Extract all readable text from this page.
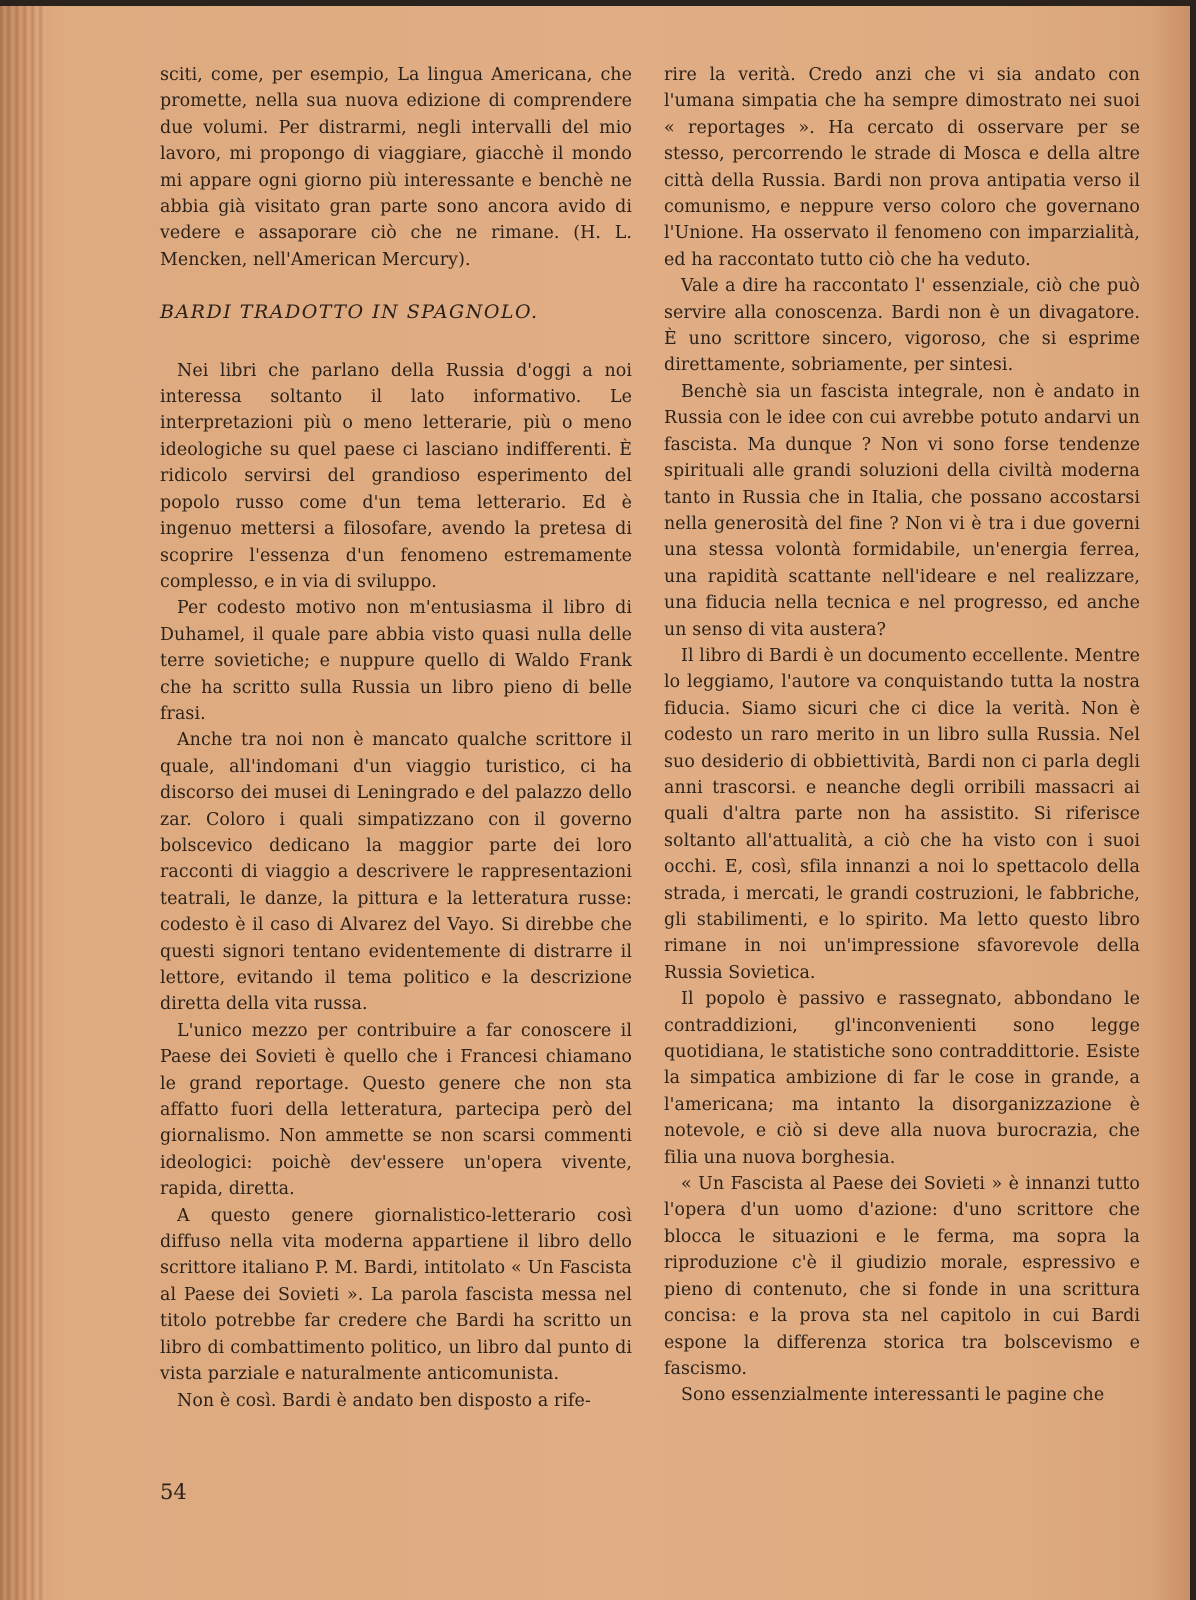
sciti, come, per esempio, La lingua Americana, che promette, nella sua nuova edizione di comprendere due volumi. Per distrarmi, negli intervalli del mio lavoro, mi propongo di viaggiare, giacchè il mondo mi appare ogni giorno più interessante e benchè ne abbia già visitato gran parte sono ancora avido di vedere e assaporare ciò che ne rimane. (H. L. Mencken, nell'American Mercury).

BARDI TRADOTTO IN SPAGNOLO.

Nei libri che parlano della Russia d'oggi a noi interessa soltanto il lato informativo. Le interpretazioni più o meno letterarie, più o meno ideologiche su quel paese ci lasciano indifferenti. È ridicolo servirsi del grandioso esperimento del popolo russo come d'un tema letterario. Ed è ingenuo mettersi a filosofare, avendo la pretesa di scoprire l'essenza d'un fenomeno estremamente complesso, e in via di sviluppo.

Per codesto motivo non m'entusiasma il libro di Duhamel, il quale pare abbia visto quasi nulla delle terre sovietiche; e nuppure quello di Waldo Frank che ha scritto sulla Russia un libro pieno di belle frasi.

Anche tra noi non è mancato qualche scrittore il quale, all'indomani d'un viaggio turistico, ci ha discorso dei musei di Leningrado e del palazzo dello zar. Coloro i quali simpatizzano con il governo bolscevico dedicano la maggior parte dei loro racconti di viaggio a descrivere le rappresentazioni teatrali, le danze, la pittura e la letteratura russe: codesto è il caso di Alvarez del Vayo. Si direbbe che questi signori tentano evidentemente di distrarre il lettore, evitando il tema politico e la descrizione diretta della vita russa.

L'unico mezzo per contribuire a far conoscere il Paese dei Sovieti è quello che i Francesi chiamano le grand reportage. Questo genere che non sta affatto fuori della letteratura, partecipa però del giornalismo. Non ammette se non scarsi commenti ideologici: poichè dev'essere un'opera vivente, rapida, diretta.

A questo genere giornalistico-letterario così diffuso nella vita moderna appartiene il libro dello scrittore italiano P. M. Bardi, intitolato « Un Fascista al Paese dei Sovieti ». La parola fascista messa nel titolo potrebbe far credere che Bardi ha scritto un libro di combattimento politico, un libro dal punto di vista parziale e naturalmente anticomunista.

Non è così. Bardi è andato ben disposto a rife-

rire la verità. Credo anzi che vi sia andato con l'umana simpatia che ha sempre dimostrato nei suoi « reportages ». Ha cercato di osservare per se stesso, percorrendo le strade di Mosca e della altre città della Russia. Bardi non prova antipatia verso il comunismo, e neppure verso coloro che governano l'Unione. Ha osservato il fenomeno con imparzialità, ed ha raccontato tutto ciò che ha veduto.

Vale a dire ha raccontato l' essenziale, ciò che può servire alla conoscenza. Bardi non è un divagatore. È uno scrittore sincero, vigoroso, che si esprime direttamente, sobriamente, per sintesi.

Benchè sia un fascista integrale, non è andato in Russia con le idee con cui avrebbe potuto andarvi un fascista. Ma dunque ? Non vi sono forse tendenze spirituali alle grandi soluzioni della civiltà moderna tanto in Russia che in Italia, che possano accostarsi nella generosità del fine ? Non vi è tra i due governi una stessa volontà formidabile, un'energia ferrea, una rapidità scattante nell'ideare e nel realizzare, una fiducia nella tecnica e nel progresso, ed anche un senso di vita austera?

Il libro di Bardi è un documento eccellente. Mentre lo leggiamo, l'autore va conquistando tutta la nostra fiducia. Siamo sicuri che ci dice la verità. Non è codesto un raro merito in un libro sulla Russia. Nel suo desiderio di obbiettività, Bardi non ci parla degli anni trascorsi. e neanche degli orribili massacri ai quali d'altra parte non ha assistito. Si riferisce soltanto all'attualità, a ciò che ha visto con i suoi occhi. E, così, sfila innanzi a noi lo spettacolo della strada, i mercati, le grandi costruzioni, le fabbriche, gli stabilimenti, e lo spirito. Ma letto questo libro rimane in noi un'impressione sfavorevole della Russia Sovietica.

Il popolo è passivo e rassegnato, abbondano le contraddizioni, gl'inconvenienti sono legge quotidiana, le statistiche sono contraddittorie. Esiste la simpatica ambizione di far le cose in grande, a l'americana; ma intanto la disorganizzazione è notevole, e ciò si deve alla nuova burocrazia, che filia una nuova borghesia.

« Un Fascista al Paese dei Sovieti » è innanzi tutto l'opera d'un uomo d'azione: d'uno scrittore che blocca le situazioni e le ferma, ma sopra la riproduzione c'è il giudizio morale, espressivo e pieno di contenuto, che si fonde in una scrittura concisa: e la prova sta nel capitolo in cui Bardi espone la differenza storica tra bolscevismo e fascismo.

Sono essenzialmente interessanti le pagine che

54
